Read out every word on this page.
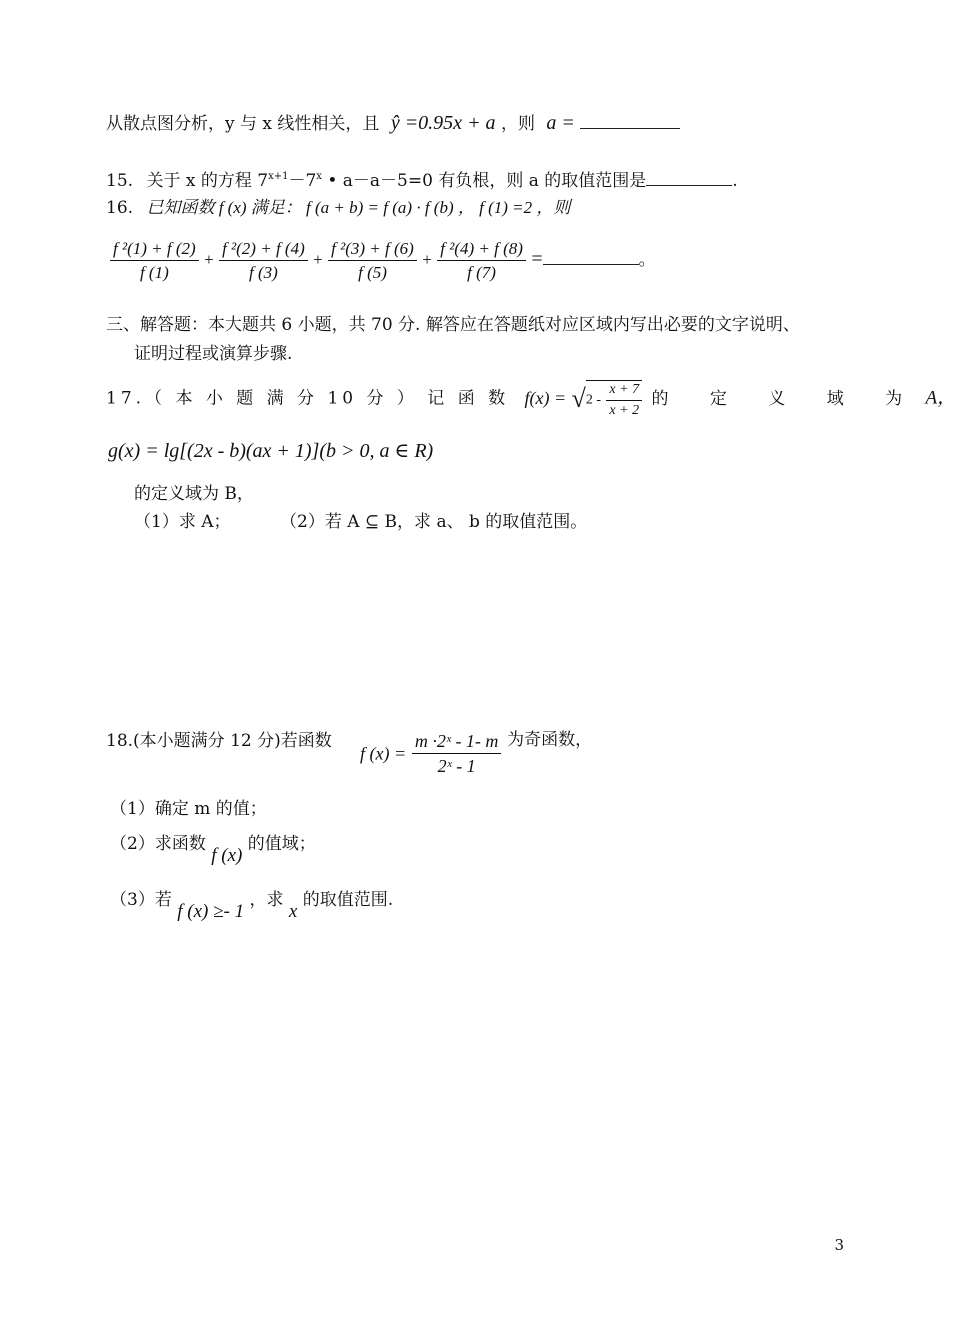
从散点图分析，y 与 x 线性相关，且 ŷ =0.95x + a ，则 a =
15. 关于 x 的方程 $7^{x+1}-7^x$ • a－a－5=0 有负根，则 a 的取值范围是	.
16. 已知函数 f (x) 满足： f (a + b) = f (a) · f (b) ， f (1) =2 ，则
$\frac{\text{f ²(1) + f (2)}}{f (1)} + \frac{\text{f ²(2) + f (4)}}{f (3)} + \frac{\text{f ²(3) + f (6)}}{f (5)} + \frac{\text{f ²(4) + f (8)}}{f (7)}$ =	。
三、解答题：本大题共 6 小题，共 70 分. 解答应在答题纸对应区域内写出必要的文字说明、
证明过程或演算步骤.
17.（ 本 小 题 满 分 10 分 ） 记 函 数 $f(x) = √2 - \frac{x + 7}{x + 2}$ 的 定 义 域 为 A，
g(x) = lg[(2x - b)(ax + 1)](b > 0, a ∈ R)
的定义域为 B，
（1）求 A；	（2）若 A ⊆ B，求 a、 b 的取值范围。
18.(本小题满分 12 分)若函数
f $(x) = \frac{\text{m ·2ˣ - 1- m}}{\text{2ˣ - 1}}$ 为奇函数，
（1）确定 m 的值；
（2）求函数 f (x) 的值域；
（3）若 f (x) ≥- 1 ，求 x 的取值范围.
3
